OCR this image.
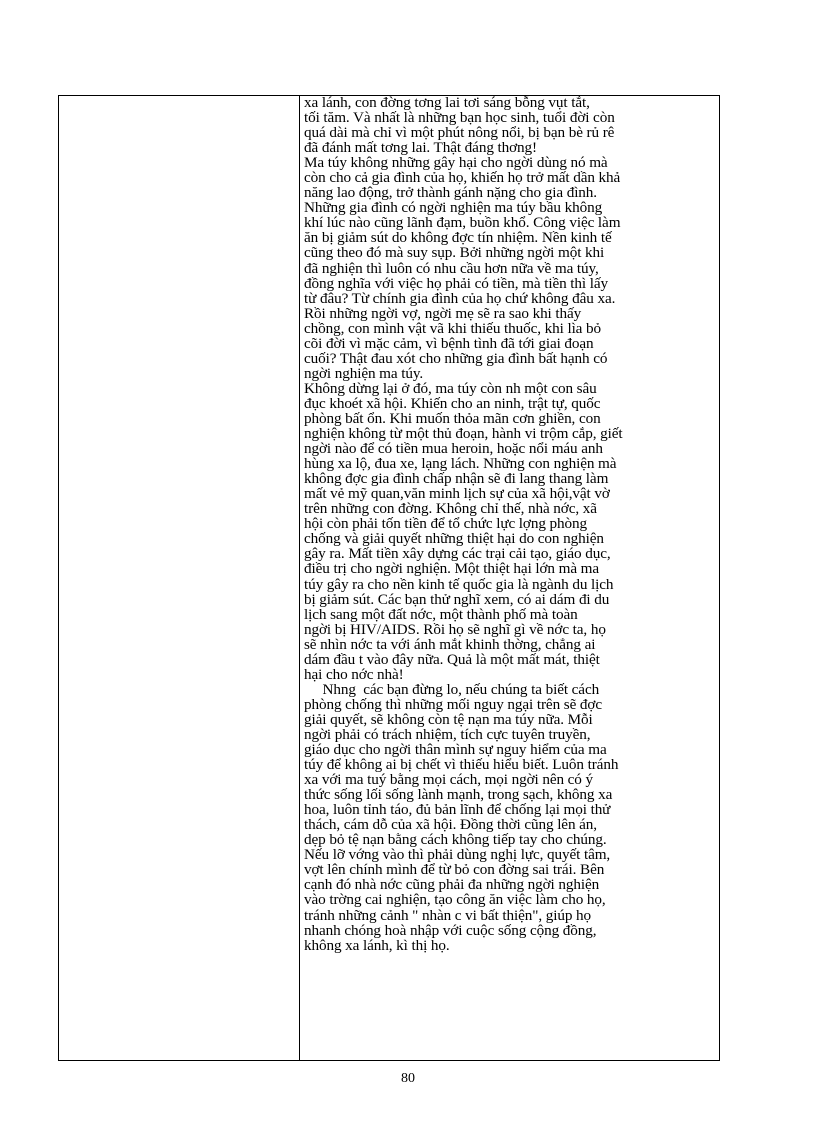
xa lánh, con đờng tơng lai tơi sáng bỗng vụt tắt,
tối tăm. Và nhất là những bạn học sinh, tuổi đời còn
quá dài mà chỉ vì một phút nông nổi, bị bạn bè rủ rê
đã đánh mất tơng lai. Thật đáng thơng!
Ma túy không những gây hại cho ngời dùng nó mà
còn cho cả gia đình của họ, khiến họ trở mất dần khả
năng lao động, trở thành gánh nặng cho gia đình.
Những gia đình có ngời nghiện ma túy bầu không
khí lúc nào cũng lãnh đạm, buồn khổ. Công việc làm
ăn bị giảm sút do không đợc tín nhiệm. Nền kinh tế
cũng theo đó mà suy sụp. Bởi những ngời một khi
đã nghiện thì luôn có nhu cầu hơn nữa về ma túy,
đồng nghĩa với việc họ phải có tiền, mà tiền thì lấy
từ đâu? Từ chính gia đình của họ chứ không đâu xa.
Rồi những ngời vợ, ngời mẹ sẽ ra sao khi thấy
chồng, con mình vật vã khi thiếu thuốc, khi lìa bỏ
cõi đời vì mặc cảm, vì bệnh tình đã tới giai đoạn
cuối? Thật đau xót cho những gia đình bất hạnh có
ngời nghiện ma túy.
Không dừng lại ở đó, ma túy còn nh một con sâu
đục khoét xã hội. Khiến cho an ninh, trật tự, quốc
phòng bất ổn. Khi muốn thỏa mãn cơn ghiền, con
nghiện không từ một thủ đoạn, hành vi trộm cắp, giết
ngời nào để có tiền mua heroin, hoặc nổi máu anh
hùng xa lộ, đua xe, lạng lách. Những con nghiện mà
không đợc gia đình chấp nhận sẽ đi lang thang làm
mất vẻ mỹ quan,văn minh lịch sự của xã hội,vật vờ
trên những con đờng. Không chỉ thế, nhà nớc, xã
hội còn phải tốn tiền để tổ chức lực lợng phòng
chống và giải quyết những thiệt hại do con nghiện
gây ra. Mất tiền xây dựng các trại cải tạo, giáo dục,
điều trị cho ngời nghiện. Một thiệt hại lớn mà ma
túy gây ra cho nền kinh tế quốc gia là ngành du lịch
bị giảm sút. Các bạn thử nghĩ xem, có ai dám đi du
lịch sang một đất nớc, một thành phố mà toàn
ngời bị HIV/AIDS. Rồi họ sẽ nghĩ gì về nớc ta, họ
sẽ nhìn nớc ta với ánh mắt khinh thờng, chẳng ai
dám đầu t vào đây nữa. Quả là một mất mát, thiệt
hại cho nớc nhà!
Nhng  các bạn đừng lo, nếu chúng ta biết cách
phòng chống thì những mối nguy ngại trên sẽ đợc
giải quyết, sẽ không còn tệ nạn ma túy nữa. Mỗi
ngời phải có trách nhiệm, tích cực tuyên truyền,
giáo dục cho ngời thân mình sự nguy hiểm của ma
túy để không ai bị chết vì thiếu hiểu biết. Luôn tránh
xa với ma tuý bằng mọi cách, mọi ngời nên có ý
thức sống lối sống lành mạnh, trong sạch, không xa
hoa, luôn tỉnh táo, đủ bản lĩnh để chống lại mọi thử
thách, cám dỗ của xã hội. Đồng thời cũng lên án,
dẹp bỏ tệ nạn bằng cách không tiếp tay cho chúng.
Nếu lỡ vớng vào thì phải dùng nghị lực, quyết tâm,
vợt lên chính mình để từ bỏ con đờng sai trái. Bên
cạnh đó nhà nớc cũng phải đa những ngời nghiện
vào trờng cai nghiện, tạo công ăn việc làm cho họ,
tránh những cảnh " nhàn c vi bất thiện", giúp họ
nhanh chóng hoà nhập với cuộc sống cộng đồng,
không xa lánh, kì thị họ.
80
